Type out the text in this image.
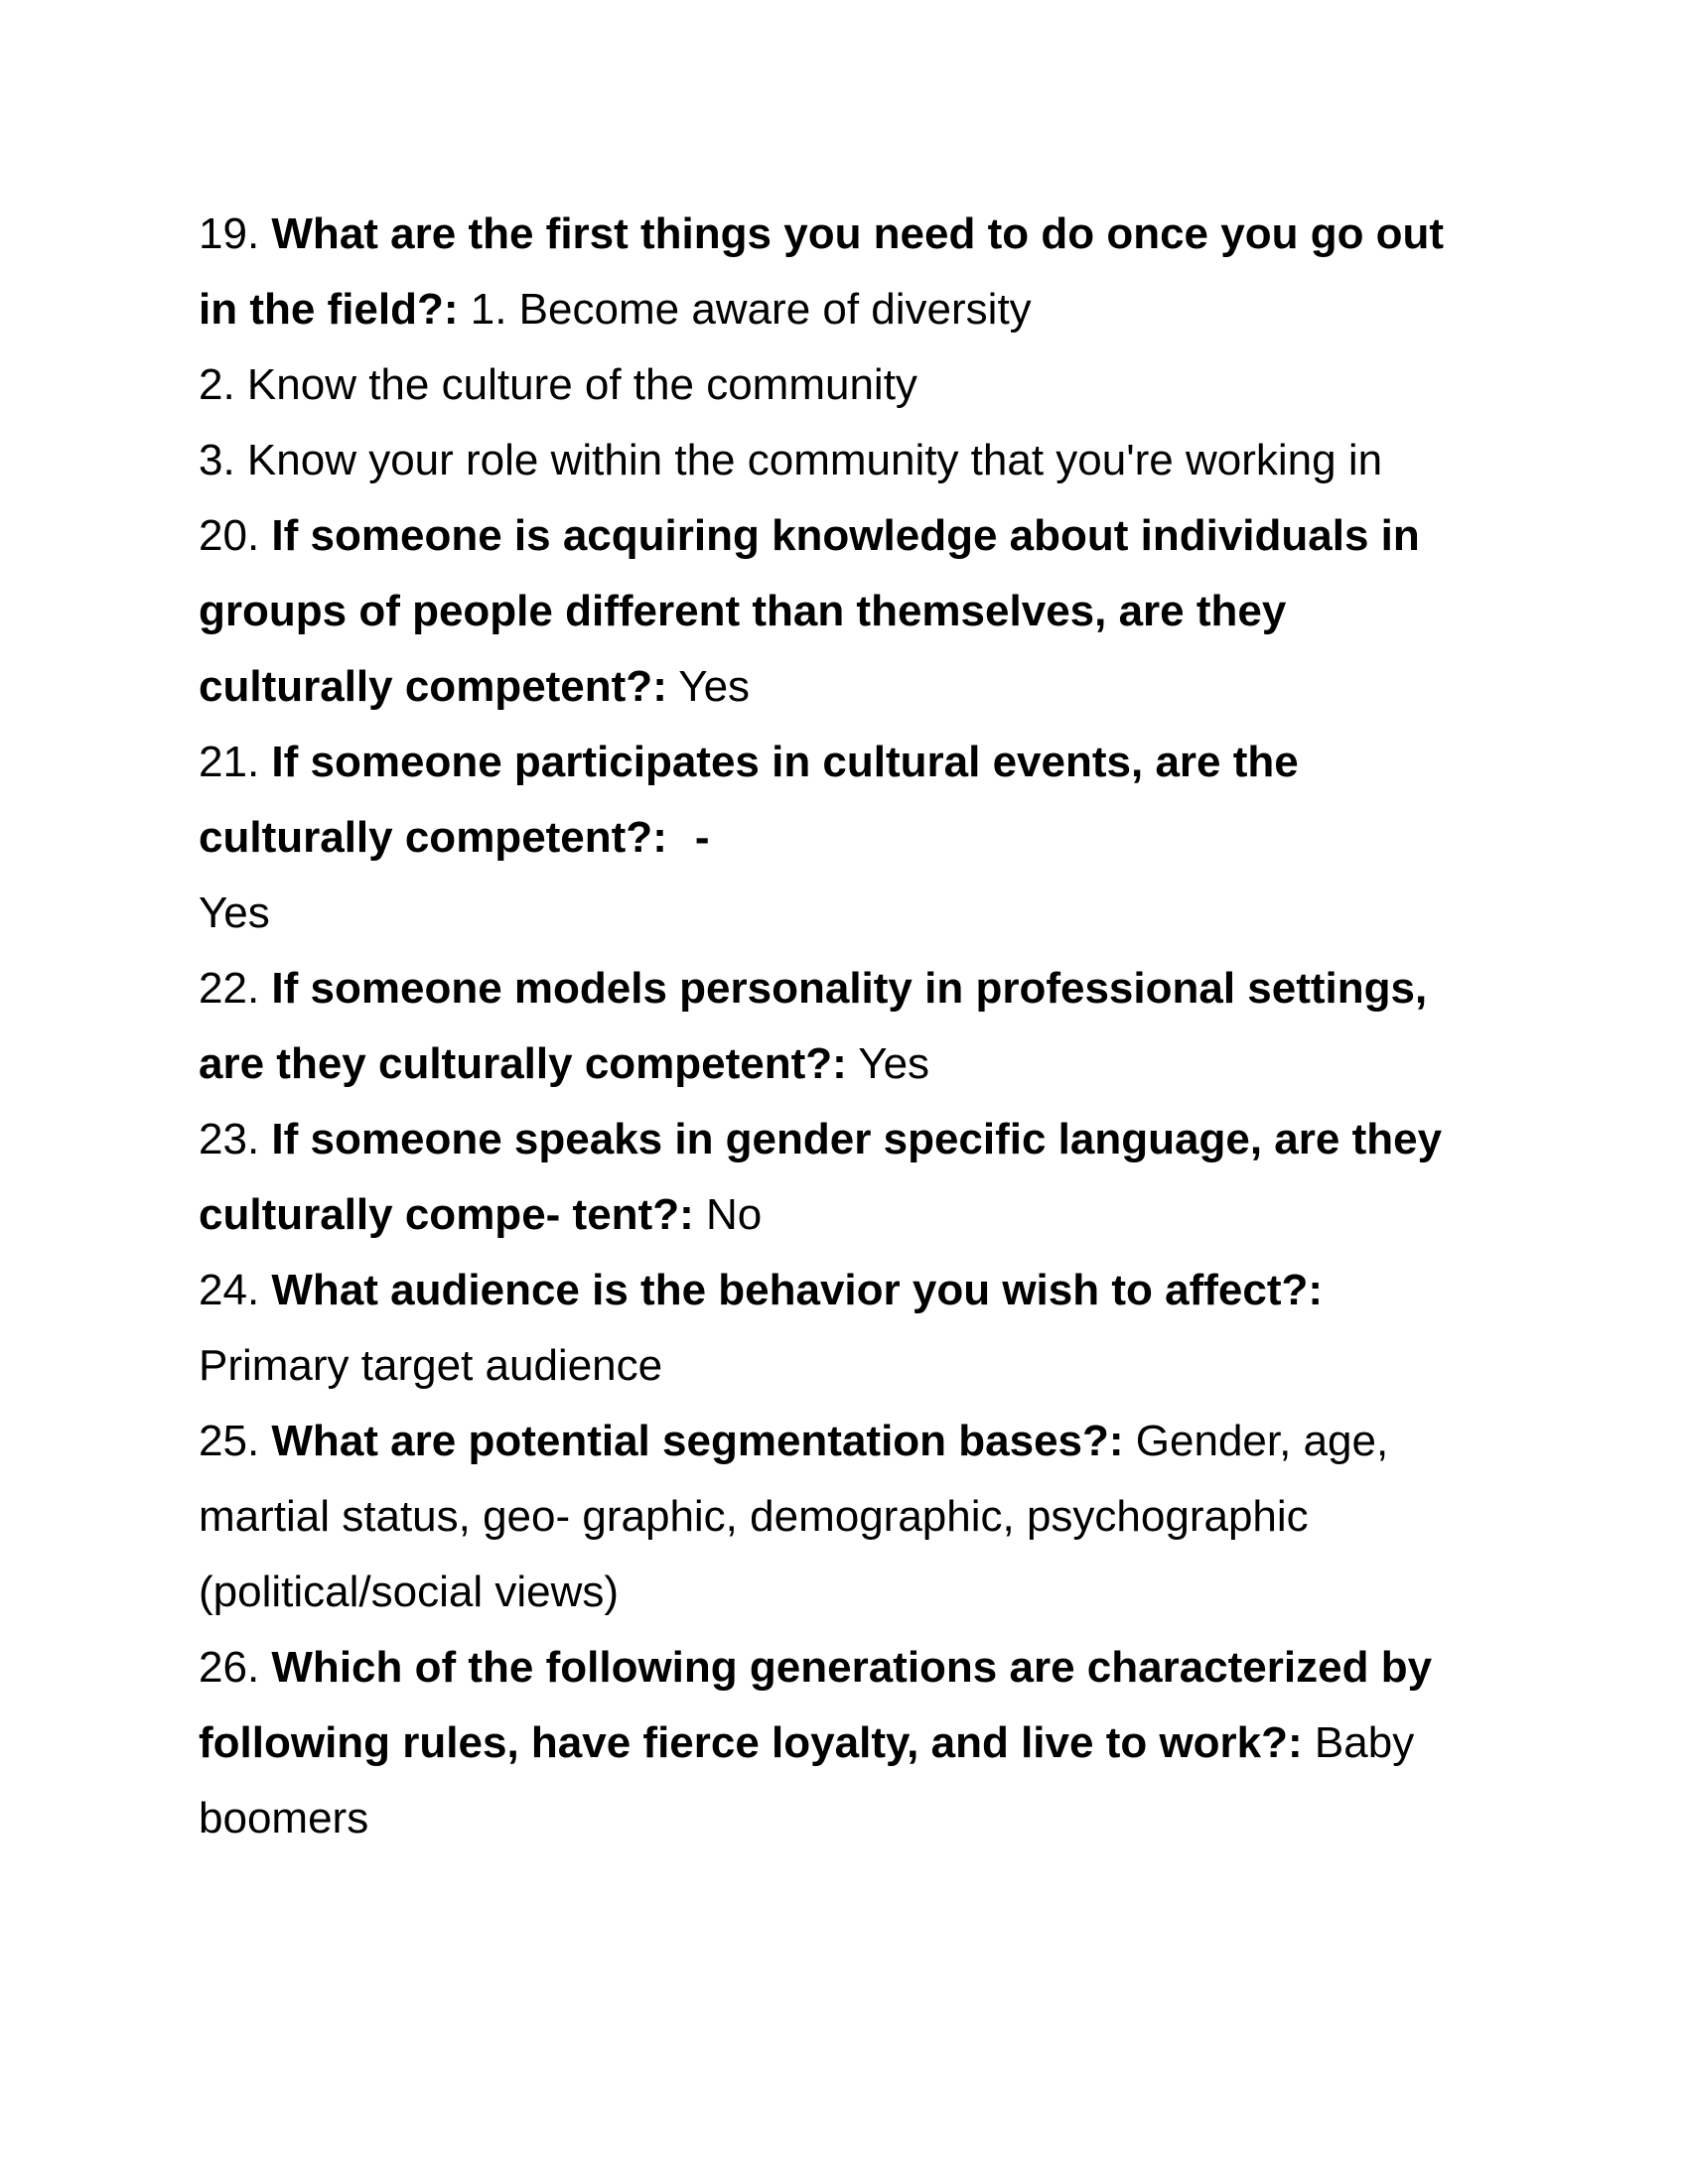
19. What are the first things you need to do once you go out
in the field?: 1. Become aware of diversity
2. Know the culture of the community
3. Know your role within the community that you're working in
20. If someone is acquiring knowledge about individuals in
groups of people different than themselves, are they
culturally competent?: Yes
21. If someone participates in cultural events, are the
culturally competent?: -
Yes
22. If someone models personality in professional settings,
are they culturally competent?: Yes
23. If someone speaks in gender specific language, are they
culturally compe- tent?: No
24. What audience is the behavior you wish to affect?:
Primary target audience
25. What are potential segmentation bases?: Gender, age,
martial status, geo- graphic, demographic, psychographic
(political/social views)
26. Which of the following generations are characterized by
following rules, have fierce loyalty, and live to work?: Baby
boomers
